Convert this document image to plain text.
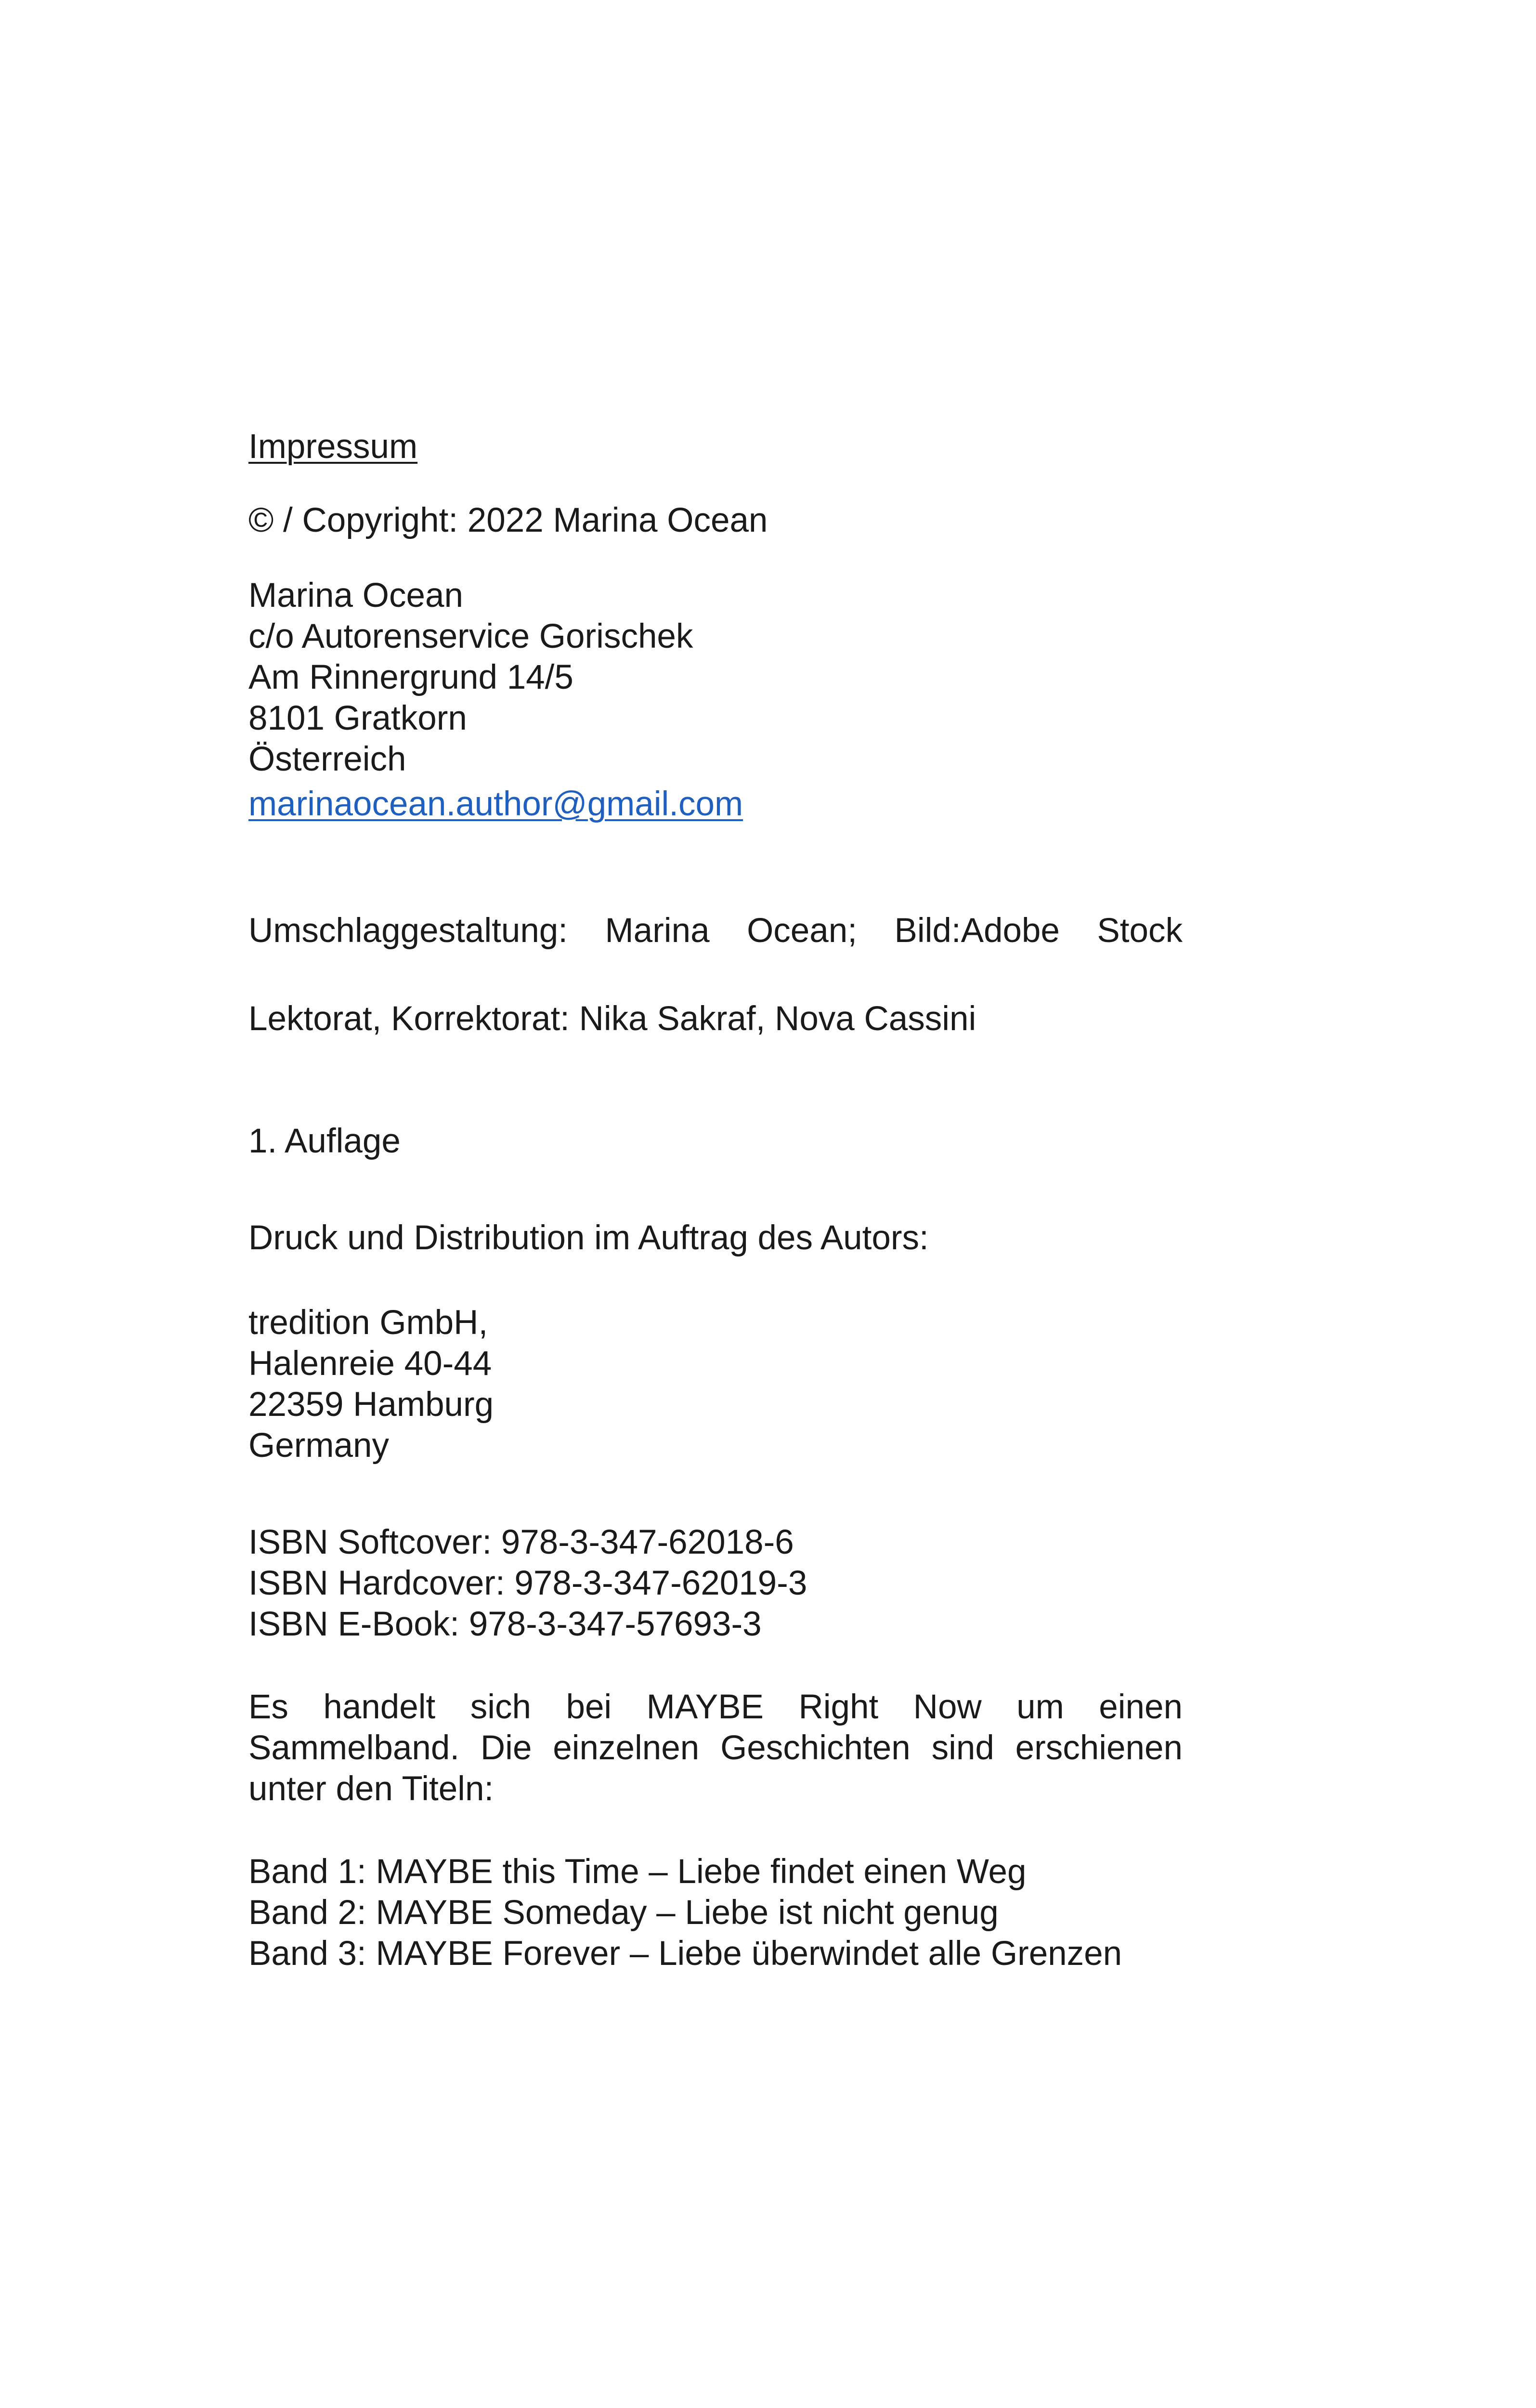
Impressum
© / Copyright: 2022 Marina Ocean
Marina Ocean
c/o Autorenservice Gorischek
Am Rinnergrund 14/5
8101 Gratkorn
Österreich
marinaocean.author@gmail.com
Umschlaggestaltung: Marina Ocean; Bild:Adobe Stock
Lektorat, Korrektorat: Nika Sakraf, Nova Cassini
1. Auflage
Druck und Distribution im Auftrag des Autors:
tredition GmbH,
Halenreie 40-44
22359 Hamburg
Germany
ISBN Softcover: 978-3-347-62018-6
ISBN Hardcover: 978-3-347-62019-3
ISBN E-Book: 978-3-347-57693-3
Es handelt sich bei MAYBE Right Now um einen
Sammelband. Die einzelnen Geschichten sind erschienen
unter den Titeln:
Band 1: MAYBE this Time – Liebe findet einen Weg
Band 2: MAYBE Someday – Liebe ist nicht genug
Band 3: MAYBE Forever – Liebe überwindet alle Grenzen
